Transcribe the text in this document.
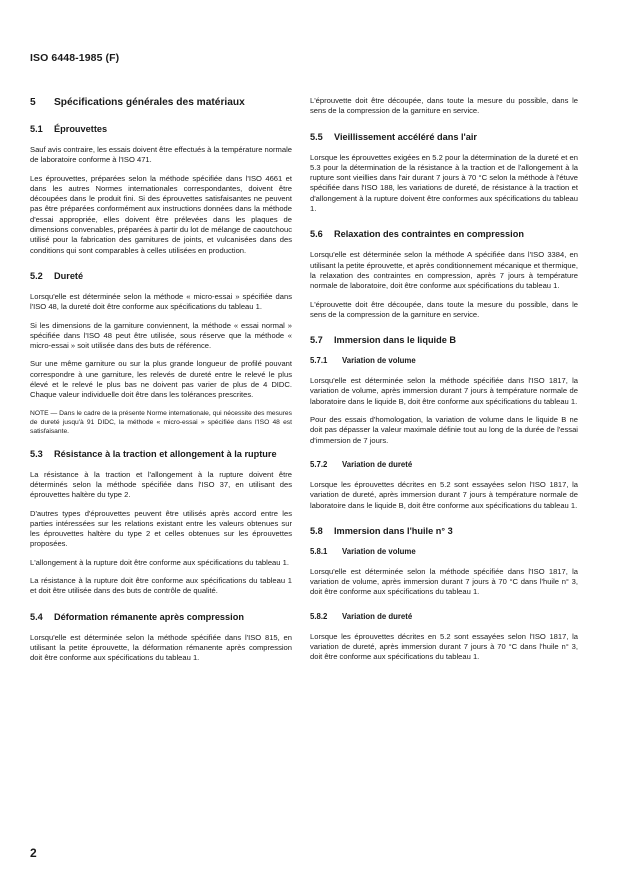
ISO 6448-1985 (F)
5 Spécifications générales des matériaux
5.1 Éprouvettes

Sauf avis contraire, les essais doivent être effectués à la température normale de laboratoire conforme à l'ISO 471.

Les éprouvettes, préparées selon la méthode spécifiée dans l'ISO 4661 et dans les autres Normes internationales correspondantes, doivent être découpées dans le produit fini. Si des éprouvettes satisfaisantes ne peuvent pas être préparées conformément aux instructions données dans la méthode d'essai appropriée, elles doivent être prélevées dans les plaques de dimensions convenables, préparées à partir du lot de mélange de caoutchouc utilisé pour la fabrication des garnitures de joints, et vulcanisées dans des conditions qui sont comparables à celles utilisées en production.

5.2 Dureté

Lorsqu'elle est déterminée selon la méthode « micro-essai » spécifiée dans l'ISO 48, la dureté doit être conforme aux spécifications du tableau 1.

Si les dimensions de la garniture conviennent, la méthode « essai normal » spécifiée dans l'ISO 48 peut être utilisée, sous réserve que la méthode « micro-essai » soit utilisée dans des buts de référence.

Sur une même garniture ou sur la plus grande longueur de profilé pouvant correspondre à une garniture, les relevés de dureté entre le relevé le plus élevé et le relevé le plus bas ne doivent pas varier de plus de 4 DIDC. Chaque valeur individuelle doit être dans les tolérances prescrites.

NOTE — Dans le cadre de la présente Norme internationale, qui nécessite des mesures de dureté jusqu'à 91 DIDC, la méthode « micro-essai » spécifiée dans l'ISO 48 est satisfaisante.

5.3 Résistance à la traction et allongement à la rupture

La résistance à la traction et l'allongement à la rupture doivent être déterminés selon la méthode spécifiée dans l'ISO 37, en utilisant des éprouvettes haltère du type 2.

D'autres types d'éprouvettes peuvent être utilisés après accord entre les parties intéressées sur les relations existant entre les valeurs obtenues sur les éprouvettes haltère du type 2 et celles obtenues sur les éprouvettes proposées.

L'allongement à la rupture doit être conforme aux spécifications du tableau 1.

La résistance à la rupture doit être conforme aux spécifications du tableau 1 et doit être utilisée dans des buts de contrôle de qualité.

5.4 Déformation rémanente après compression

Lorsqu'elle est déterminée selon la méthode spécifiée dans l'ISO 815, en utilisant la petite éprouvette, la déformation rémanente après compression doit être conforme aux spécifications du tableau 1.

L'éprouvette doit être découpée, dans toute la mesure du possible, dans le sens de la compression de la garniture en service.

5.5 Vieillissement accéléré dans l'air

Lorsque les éprouvettes exigées en 5.2 pour la détermination de la dureté et en 5.3 pour la détermination de la résistance à la traction et de l'allongement à la rupture sont vieillies dans l'air durant 7 jours à 70 °C selon la méthode à l'étuve spécifiée dans l'ISO 188, les variations de dureté, de résistance à la traction et d'allongement à la rupture doivent être conformes aux spécifications du tableau 1.

5.6 Relaxation des contraintes en compression

Lorsqu'elle est déterminée selon la méthode A spécifiée dans l'ISO 3384, en utilisant la petite éprouvette, et après conditionnement mécanique et thermique, la relaxation des contraintes en compression, après 7 jours à température normale de laboratoire, doit être conforme aux spécifications du tableau 1.

L'éprouvette doit être découpée, dans toute la mesure du possible, dans le sens de la compression de la garniture en service.

5.7 Immersion dans le liquide B
5.7.1 Variation de volume

Lorsqu'elle est déterminée selon la méthode spécifiée dans l'ISO 1817, la variation de volume, après immersion durant 7 jours à température normale de laboratoire dans le liquide B, doit être conforme aux spécifications du tableau 1.

Pour des essais d'homologation, la variation de volume dans le liquide B ne doit pas dépasser la valeur maximale définie tout au long de la durée de l'essai d'immersion de 7 jours.

5.7.2 Variation de dureté

Lorsque les éprouvettes décrites en 5.2 sont essayées selon l'ISO 1817, la variation de dureté, après immersion durant 7 jours à température normale de laboratoire dans le liquide B, doit être conforme aux spécifications du tableau 1.

5.8 Immersion dans l'huile n° 3
5.8.1 Variation de volume

Lorsqu'elle est déterminée selon la méthode spécifiée dans l'ISO 1817, la variation de volume, après immersion durant 7 jours à 70 °C dans l'huile n° 3, doit être conforme aux spécifications du tableau 1.

5.8.2 Variation de dureté

Lorsque les éprouvettes décrites en 5.2 sont essayées selon l'ISO 1817, la variation de dureté, après immersion durant 7 jours à 70 °C dans l'huile n° 3, doit être conforme aux spécifications du tableau 1.

2
